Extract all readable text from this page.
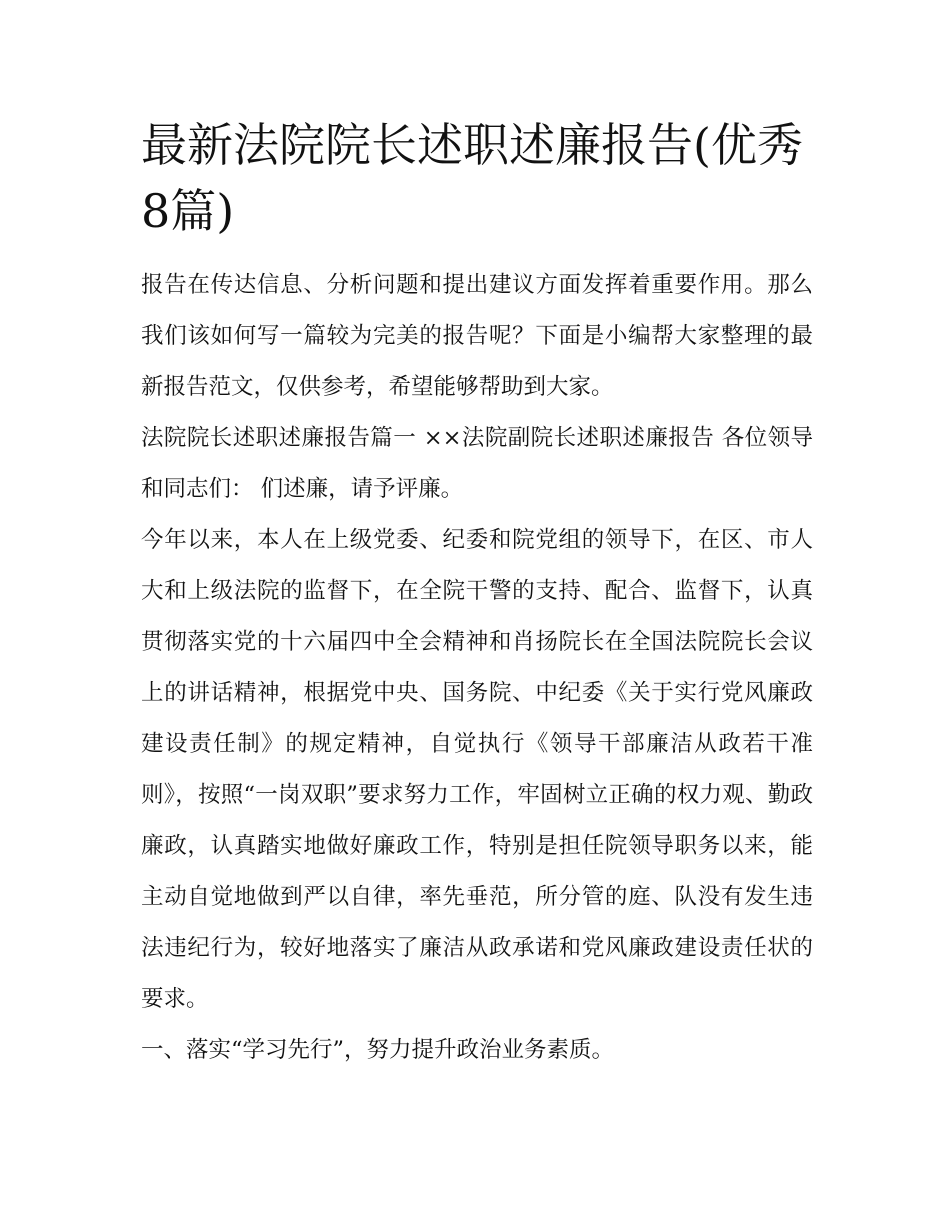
最新法院院长述职述廉报告(优秀8篇)

报告在传达信息、分析问题和提出建议方面发挥着重要作用。那么我们该如何写一篇较为完美的报告呢？下面是小编帮大家整理的最新报告范文，仅供参考，希望能够帮助到大家。

法院院长述职述廉报告篇一 ××法院副院长述职述廉报告 各位领导和同志们： 们述廉，请予评廉。

今年以来，本人在上级党委、纪委和院党组的领导下，在区、市人大和上级法院的监督下，在全院干警的支持、配合、监督下，认真贯彻落实党的十六届四中全会精神和肖扬院长在全国法院院长会议上的讲话精神，根据党中央、国务院、中纪委《关于实行党风廉政建设责任制》的规定精神，自觉执行《领导干部廉洁从政若干准则》，按照“一岗双职”要求努力工作，牢固树立正确的权力观、勤政廉政，认真踏实地做好廉政工作，特别是担任院领导职务以来，能主动自觉地做到严以自律，率先垂范，所分管的庭、队没有发生违法违纪行为，较好地落实了廉洁从政承诺和党风廉政建设责任状的要求。

一、落实“学习先行”，努力提升政治业务素质。
